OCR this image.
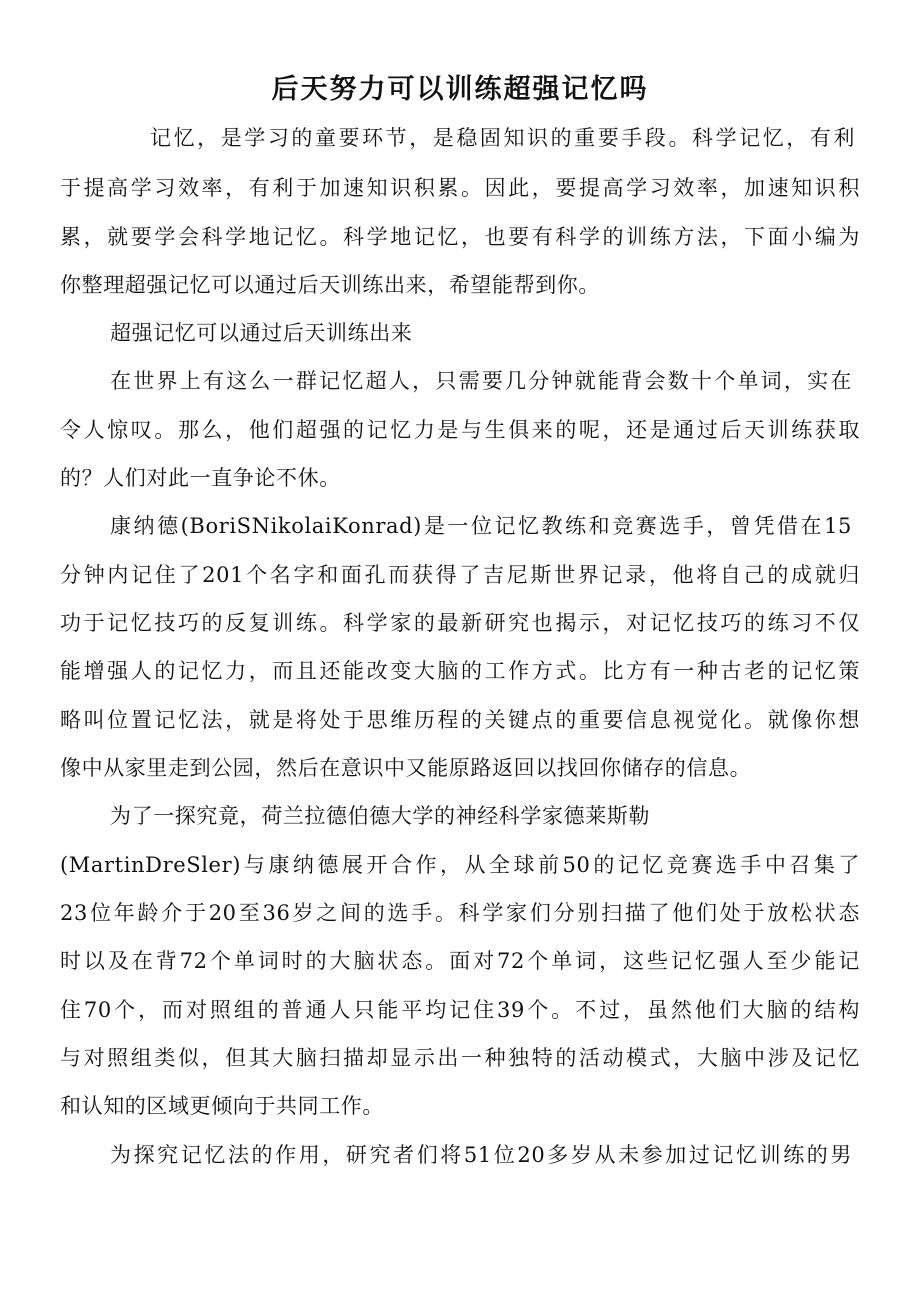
后天努力可以训练超强记忆吗
记忆，是学习的童要环节，是稳固知识的重要手段。科学记忆，有利
于提高学习效率，有利于加速知识积累。因此，要提高学习效率，加速知识积
累，就要学会科学地记忆。科学地记忆，也要有科学的训练方法，下面小编为
你整理超强记忆可以通过后天训练出来，希望能帮到你。
超强记忆可以通过后天训练出来
在世界上有这么一群记忆超人，只需要几分钟就能背会数十个单词，实在
令人惊叹。那么，他们超强的记忆力是与生俱来的呢，还是通过后天训练获取
的？人们对此一直争论不休。
康纳德(BoriSNikolaiKonrad)是一位记忆教练和竞赛选手，曾凭借在15
分钟内记住了201个名字和面孔而获得了吉尼斯世界记录，他将自己的成就归
功于记忆技巧的反复训练。科学家的最新研究也揭示，对记忆技巧的练习不仅
能增强人的记忆力，而且还能改变大脑的工作方式。比方有一种古老的记忆策
略叫位置记忆法，就是将处于思维历程的关键点的重要信息视觉化。就像你想
像中从家里走到公园，然后在意识中又能原路返回以找回你储存的信息。
为了一探究竟，荷兰拉德伯德大学的神经科学家德莱斯勒
(MartinDreSler)与康纳德展开合作，从全球前50的记忆竞赛选手中召集了
23位年龄介于20至36岁之间的选手。科学家们分别扫描了他们处于放松状态
时以及在背72个单词时的大脑状态。面对72个单词，这些记忆强人至少能记
住70个，而对照组的普通人只能平均记住39个。不过，虽然他们大脑的结构
与对照组类似，但其大脑扫描却显示出一种独特的活动模式，大脑中涉及记忆
和认知的区域更倾向于共同工作。
为探究记忆法的作用，研究者们将51位20多岁从未参加过记忆训练的男
